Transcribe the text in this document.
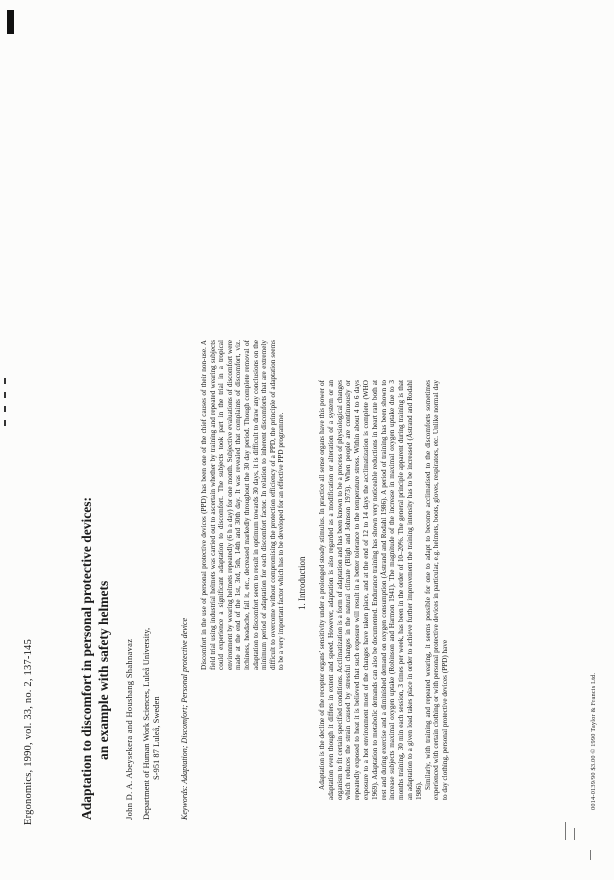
Ergonomics, 1990, vol. 33, no. 2, 137-145	Adaptation to discomfort in personal protective devices: an example with safety helmets John D. A. Abeysekera and Houshang Shahnavaz Department of Human Work Sciences, Luleå University, S-951 87 Luleå, Sweden Keywords: Adaptation; Discomfort; Personal protective device
Discomfort in the use of personal protective devices (PPD) has been one of the chief causes of their non-use. A field trial using industrial helmets was carried out to ascertain whether by training and repeated wearing subjects could experience a significant adaptation to discomfort. The subjects took part in the trial in a tropical environment by wearing helmets repeatedly (6 h a day) for one month. Subjective evaluations of discomfort were made at the end of the 1st, 3rd, 5th, 14th and 30th day. It was revealed that complaints of discomfort, viz. itchiness, headache, fall it, etc., decreased markedly throughout the 30 day period. Though complete removal of adaptation to discomfort seem to result in optimum towards 30 days, it is difficult to draw any conclusions on the minimum period of adaptation for each discomfort factor. In relation to inherent discomforts that are extremely difficult to overcome without compromising the protection efficiency of a PPD, the principle of adaptation seems to be a very important factor which has to be developed for an effective PPD programme. 1. Introduction Adaptation is the decline of the receptor organs' sensitivity under a prolonged steady stimulus. In practice all sense organs have this power of adaptation even though it differs in extent and speed. However, adaptation is also regarded as a modification or alteration of a system or an organism to fit certain specified conditions. Acclimatization is a form of adaptation and has been known to be a process of physiological changes which reduces the strain caused by stressful changes in the natural climate (Bligh and Johnson 1973). When people are continuously or repeatedly exposed to heat it is believed that such exposure will result in a better tolerance to the temperature stress. Within about 4 to 6 days exposure to a hot environment most of the changes have taken place, and at the end of 12 to 14 days the acclimatization is complete (WHO 1969). Adaptation to metabolic demands can also be documented. Endurance training has shown very noticeable reductions in heart rate both at rest and during exercise and a diminished demand on oxygen consumption (Åstrand and Rodahl 1986). A period of training has been shown to increase subjects maximal oxygen uptake (Robinson and Harmon 1941). The magnitude of the increase in maximal oxygen uptake due to 3 months training, 30 min each session, 3 times per week, has been in the order of 10–20%. The general principle apparent during training is that an adaptation to a given load takes place in order to achieve further improvement the training intensity has to be increased (Åstrand and Rodahl 1986).

Similarly, with training and repeated wearing, it seems possible for one to adapt to become acclimatised to the discomforts sometimes experienced with certain clothing or with personal protective devices in particular, e.g. helmets, boots, gloves, respirators, etc. Unlike normal day to day clothing, personal protective devices (PPD) have	0014-0139/90 $3.00 © 1990 Taylor & Francis Ltd.
